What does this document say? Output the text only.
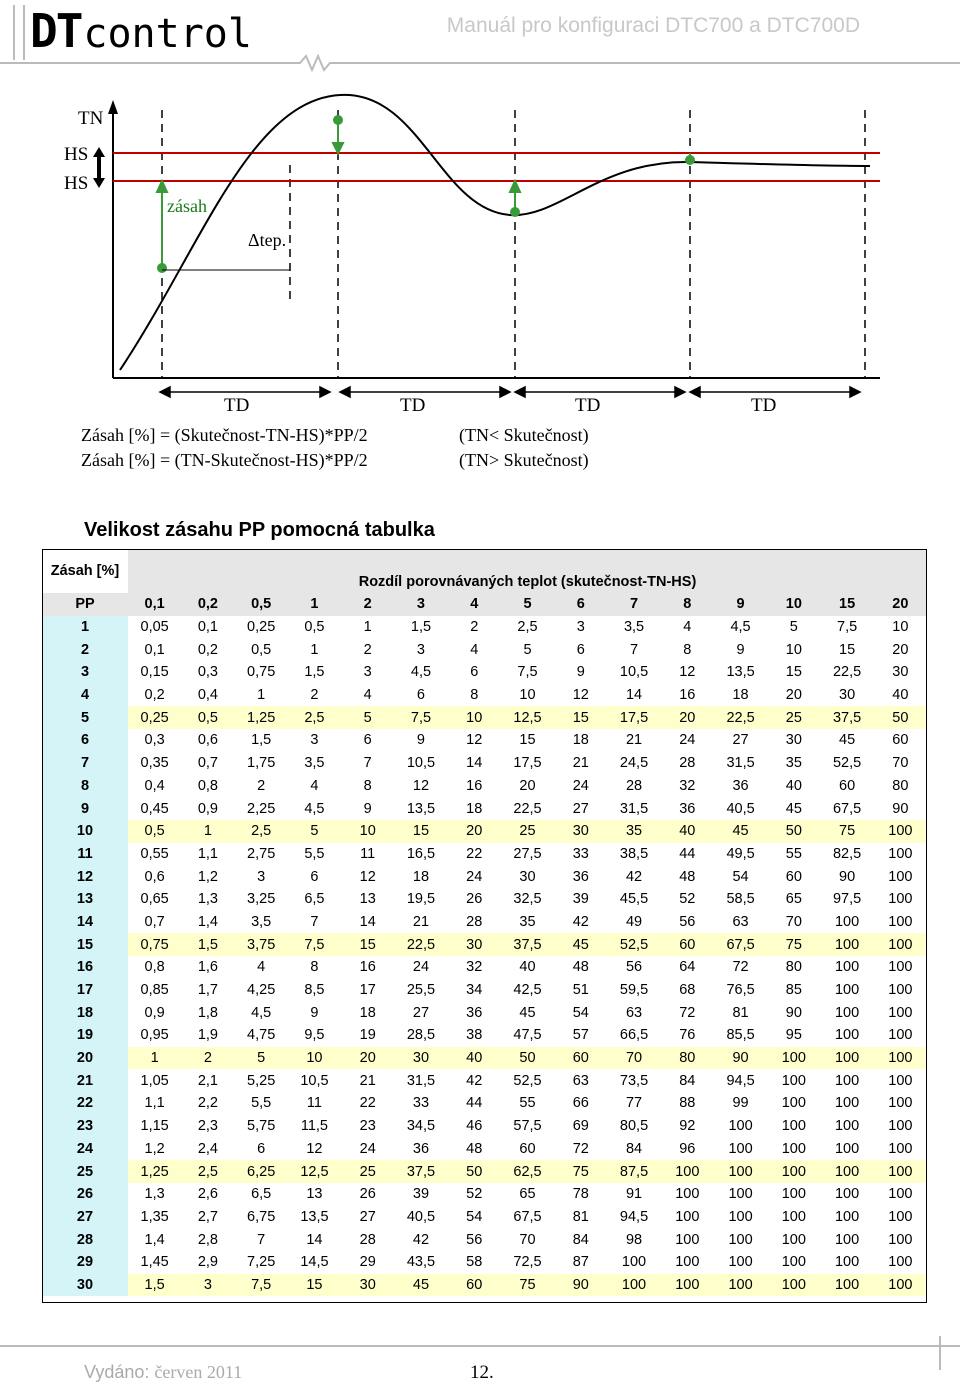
DTcontrol	Manuál pro konfiguraci DTC700 a DTC700D
TN
HS
HS
zásah
Δtep.
TD	TD	TD	TD
Zásah [%] = (Skutečnost-TN-HS)*PP/2	(TN< Skutečnost)
Zásah [%] = (TN-Skutečnost-HS)*PP/2	(TN> Skutečnost)
Velikost zásahu PP pomocná tabulka
Zásah [%]	Rozdíl porovnávaných teplot (skutečnost-TN-HS)														
PP	0,1	0,2	0,5	1	2	3	4	5	6	7	8	9	10	15	20
1	0,05	0,1	0,25	0,5	1	1,5	2	2,5	3	3,5	4	4,5	5	7,5	10
2	0,1	0,2	0,5	1	2	3	4	5	6	7	8	9	10	15	20
3	0,15	0,3	0,75	1,5	3	4,5	6	7,5	9	10,5	12	13,5	15	22,5	30
4	0,2	0,4	1	2	4	6	8	10	12	14	16	18	20	30	40
5	0,25	0,5	1,25	2,5	5	7,5	10	12,5	15	17,5	20	22,5	25	37,5	50
6	0,3	0,6	1,5	3	6	9	12	15	18	21	24	27	30	45	60
7	0,35	0,7	1,75	3,5	7	10,5	14	17,5	21	24,5	28	31,5	35	52,5	70
8	0,4	0,8	2	4	8	12	16	20	24	28	32	36	40	60	80
9	0,45	0,9	2,25	4,5	9	13,5	18	22,5	27	31,5	36	40,5	45	67,5	90
10	0,5	1	2,5	5	10	15	20	25	30	35	40	45	50	75	100
11	0,55	1,1	2,75	5,5	11	16,5	22	27,5	33	38,5	44	49,5	55	82,5	100
12	0,6	1,2	3	6	12	18	24	30	36	42	48	54	60	90	100
13	0,65	1,3	3,25	6,5	13	19,5	26	32,5	39	45,5	52	58,5	65	97,5	100
14	0,7	1,4	3,5	7	14	21	28	35	42	49	56	63	70	100	100
15	0,75	1,5	3,75	7,5	15	22,5	30	37,5	45	52,5	60	67,5	75	100	100
16	0,8	1,6	4	8	16	24	32	40	48	56	64	72	80	100	100
17	0,85	1,7	4,25	8,5	17	25,5	34	42,5	51	59,5	68	76,5	85	100	100
18	0,9	1,8	4,5	9	18	27	36	45	54	63	72	81	90	100	100
19	0,95	1,9	4,75	9,5	19	28,5	38	47,5	57	66,5	76	85,5	95	100	100
20	1	2	5	10	20	30	40	50	60	70	80	90	100	100	100
21	1,05	2,1	5,25	10,5	21	31,5	42	52,5	63	73,5	84	94,5	100	100	100
22	1,1	2,2	5,5	11	22	33	44	55	66	77	88	99	100	100	100
23	1,15	2,3	5,75	11,5	23	34,5	46	57,5	69	80,5	92	100	100	100	100
24	1,2	2,4	6	12	24	36	48	60	72	84	96	100	100	100	100
25	1,25	2,5	6,25	12,5	25	37,5	50	62,5	75	87,5	100	100	100	100	100
26	1,3	2,6	6,5	13	26	39	52	65	78	91	100	100	100	100	100
27	1,35	2,7	6,75	13,5	27	40,5	54	67,5	81	94,5	100	100	100	100	100
28	1,4	2,8	7	14	28	42	56	70	84	98	100	100	100	100	100
29	1,45	2,9	7,25	14,5	29	43,5	58	72,5	87	100	100	100	100	100	100
30	1,5	3	7,5	15	30	45	60	75	90	100	100	100	100	100	100
Vydáno: červen 2011	12.
